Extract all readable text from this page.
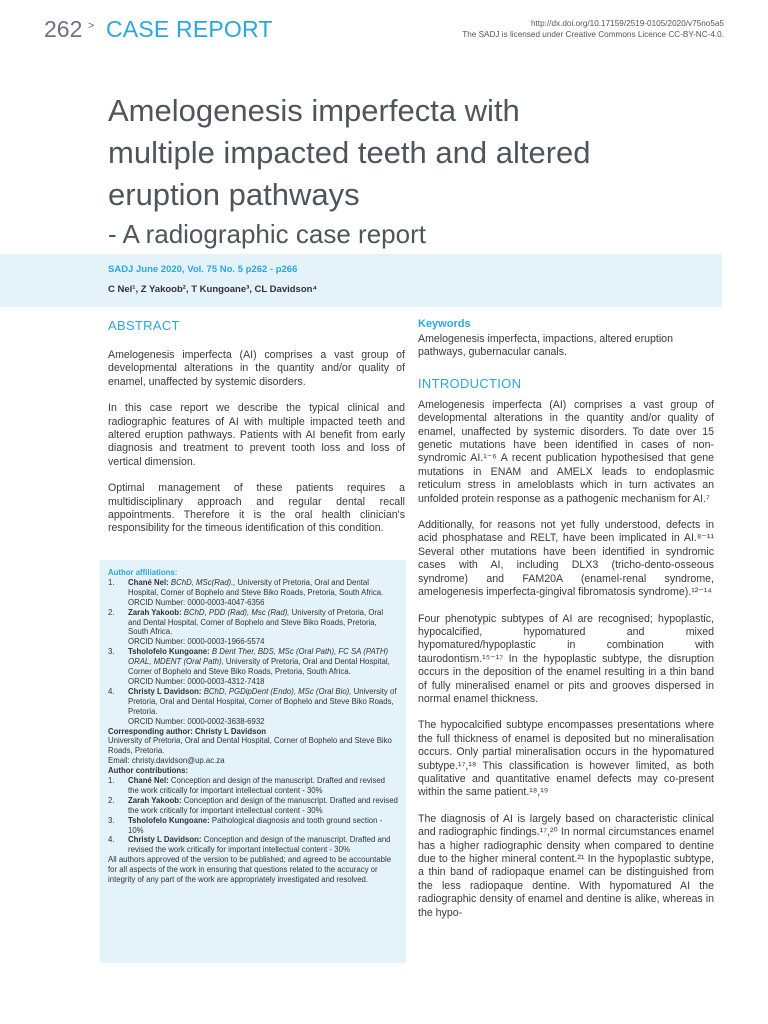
262 > CASE REPORT	http://dx.doi.org/10.17159/2519-0105/2020/v75no5a5
The SADJ is licensed under Creative Commons Licence CC-BY-NC-4.0.
Amelogenesis imperfecta with
multiple impacted teeth and altered
eruption pathways
- A radiographic case report
SADJ June 2020, Vol. 75 No. 5 p262 - p266
C Nel¹, Z Yakoob², T Kungoane³, CL Davidson⁴
ABSTRACT

Amelogenesis imperfecta (AI) comprises a vast group of developmental alterations in the quantity and/or quality of enamel, unaffected by systemic disorders.

In this case report we describe the typical clinical and radiographic features of AI with multiple impacted teeth and altered eruption pathways. Patients with AI benefit from early diagnosis and treatment to prevent tooth loss and loss of vertical dimension.

Optimal management of these patients requires a multidisciplinary approach and regular dental recall appointments. Therefore it is the oral health clinician's responsibility for the timeous identification of this condition.

Author affiliations:
1. Chané Nel: BChD, MSc(Rad)., University of Pretoria, Oral and Dental Hospital, Corner of Bophelo and Steve Biko Roads, Pretoria, South Africa.
ORCID Number: 0000-0003-4047-6356
2. Zarah Yakoob: BChD, PDD (Rad), Msc (Rad), University of Pretoria, Oral and Dental Hospital, Corner of Bophelo and Steve Biko Roads, Pretoria, South Africa.
ORCID Number: 0000-0003-1966-5574
3. Tsholofelo Kungoane: B Dent Ther, BDS, MSc (Oral Path), FC SA (PATH) ORAL, MDENT (Oral Path), University of Pretoria, Oral and Dental Hospital, Corner of Bophelo and Steve Biko Roads, Pretoria, South Africa.
ORCID Number: 0000-0003-4312-7418
4. Christy L Davidson: BChD, PGDipDent (Endo), MSc (Oral Bio), University of Pretoria, Oral and Dental Hospital, Corner of Bophelo and Steve Biko Roads, Pretoria.
ORCID Number: 0000-0002-3638-6932
Corresponding author: Christy L Davidson
University of Pretoria, Oral and Dental Hospital, Corner of Bophelo and Steve Biko Roads, Pretoria.
Email: christy.davidson@up.ac.za
Author contributions:
1. Chané Nel: Conception and design of the manuscript. Drafted and revised the work critically for important intellectual content - 30%
2. Zarah Yakoob: Conception and design of the manuscript. Drafted and revised the work critically for important intellectual content - 30%
3. Tsholofelo Kungoane: Pathological diagnosis and tooth ground section - 10%
4. Christy L Davidson: Conception and design of the manuscript. Drafted and revised the work critically for important intellectual content - 30%
All authors approved of the version to be published; and agreed to be accountable for all aspects of the work in ensuring that questions related to the accuracy or integrity of any part of the work are appropriately investigated and resolved.
Keywords

Amelogenesis imperfecta, impactions, altered eruption pathways, gubernacular canals.

INTRODUCTION

Amelogenesis imperfecta (AI) comprises a vast group of developmental alterations in the quantity and/or quality of enamel, unaffected by systemic disorders. To date over 15 genetic mutations have been identified in cases of non-syndromic AI.¹⁻⁶ A recent publication hypothesised that gene mutations in ENAM and AMELX leads to endoplasmic reticulum stress in ameloblasts which in turn activates an unfolded protein response as a pathogenic mechanism for AI.⁷

Additionally, for reasons not yet fully understood, defects in acid phosphatase and RELT, have been implicated in AI.⁸⁻¹¹ Several other mutations have been identified in syndromic cases with AI, including DLX3 (tricho-dento-osseous syndrome) and FAM20A (enamel-renal syndrome, amelogenesis imperfecta-gingival fibromatosis syndrome).¹²⁻¹⁴

Four phenotypic subtypes of AI are recognised; hypoplastic, hypocalcified, hypomatured and mixed hypomatured/hypoplastic in combination with taurodontism.¹⁵⁻¹⁷ In the hypoplastic subtype, the disruption occurs in the deposition of the enamel resulting in a thin band of fully mineralised enamel or pits and grooves dispersed in normal enamel thickness.

The hypocalcified subtype encompasses presentations where the full thickness of enamel is deposited but no mineralisation occurs. Only partial mineralisation occurs in the hypomatured subtype.¹⁷,¹⁸ This classification is however limited, as both qualitative and quantitative enamel defects may co-present within the same patient.¹⁸,¹⁹

The diagnosis of AI is largely based on characteristic clinical and radiographic findings.¹⁷,²⁰ In normal circumstances enamel has a higher radiographic density when compared to dentine due to the higher mineral content.²¹ In the hypoplastic subtype, a thin band of radiopaque enamel can be distinguished from the less radiopaque dentine. With hypomatured AI the radiographic density of enamel and dentine is alike, whereas in the hypo-
